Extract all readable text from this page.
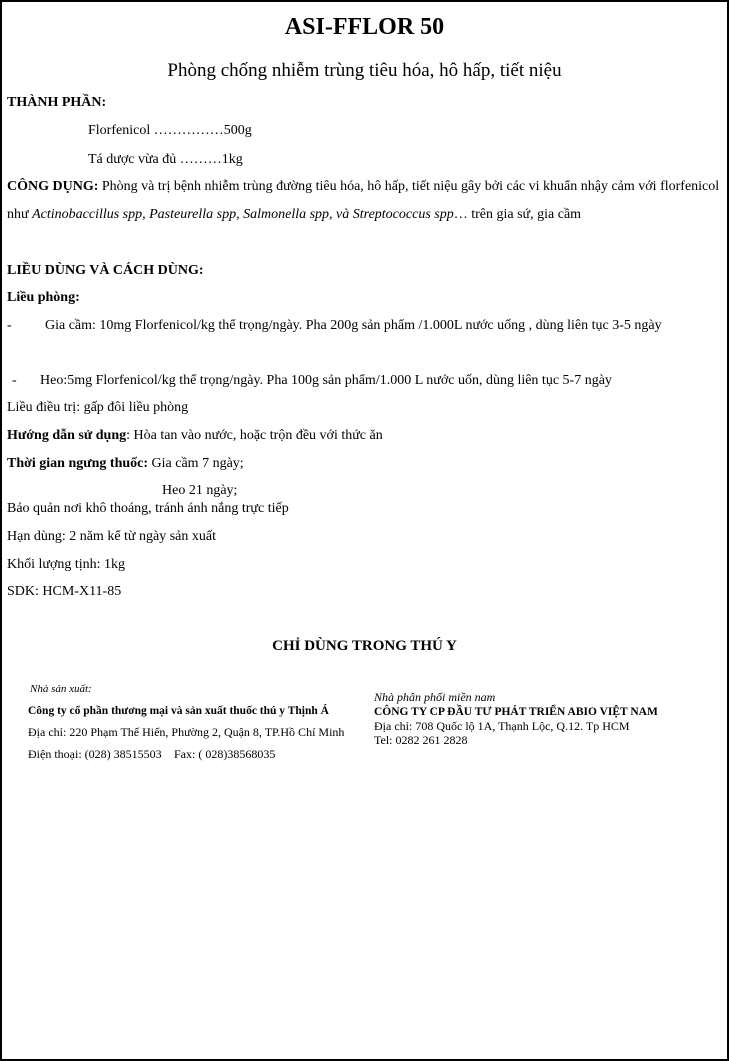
ASI-FFLOR 50
Phòng chống nhiễm trùng tiêu hóa, hô hấp, tiết niệu
THÀNH PHẦN:
Florfenicol ……………500g
Tá dược vừa đủ ………1kg
CÔNG DỤNG: Phòng và trị bệnh nhiễm trùng đường tiêu hóa, hô hấp, tiết niệu gây bởi các vi khuẩn nhậy cảm với florfenicol như Actinobaccillus spp, Pasteurella spp, Salmonella spp, và Streptococcus spp… trên gia sứ, gia cầm
LIỀU DÙNG VÀ CÁCH DÙNG:
Liều phòng:
-	Gia cầm: 10mg Florfenicol/kg thể trọng/ngày. Pha 200g sản phẩm /1.000L nước uống , dùng liên tục 3-5 ngày
- Heo:5mg Florfenicol/kg thể trọng/ngày. Pha 100g sản phẩm/1.000 L nước uốn, dùng liên tục 5-7 ngày
Liều điều trị: gấp đôi liều phòng
Hướng dẫn sử dụng: Hòa tan vào nước, hoặc trộn đều với thức ăn
Thời gian ngưng thuốc: Gia cầm 7 ngày;
Heo 21 ngày;
Bảo quản nơi khô thoáng, tránh ánh nắng trực tiếp
Hạn dùng: 2 năm kể từ ngày sản xuất
Khối lượng tịnh: 1kg
SDK: HCM-X11-85
CHỈ DÙNG TRONG THÚ Y
Nhà sản xuất:
Công ty cổ phần thương mại và sản xuất thuốc thú y Thịnh Á
Địa chỉ: 220 Phạm Thế Hiển, Phường 2, Quận 8, TP.Hồ Chí Minh
Điện thoại: (028) 38515503 Fax: ( 028)38568035
Nhà phân phối miền nam
CÔNG TY CP ĐẦU TƯ PHÁT TRIỂN ABIO VIỆT NAM
Địa chỉ: 708 Quốc lộ 1A, Thạnh Lộc, Q.12. Tp HCM
Tel: 0282 261 2828
